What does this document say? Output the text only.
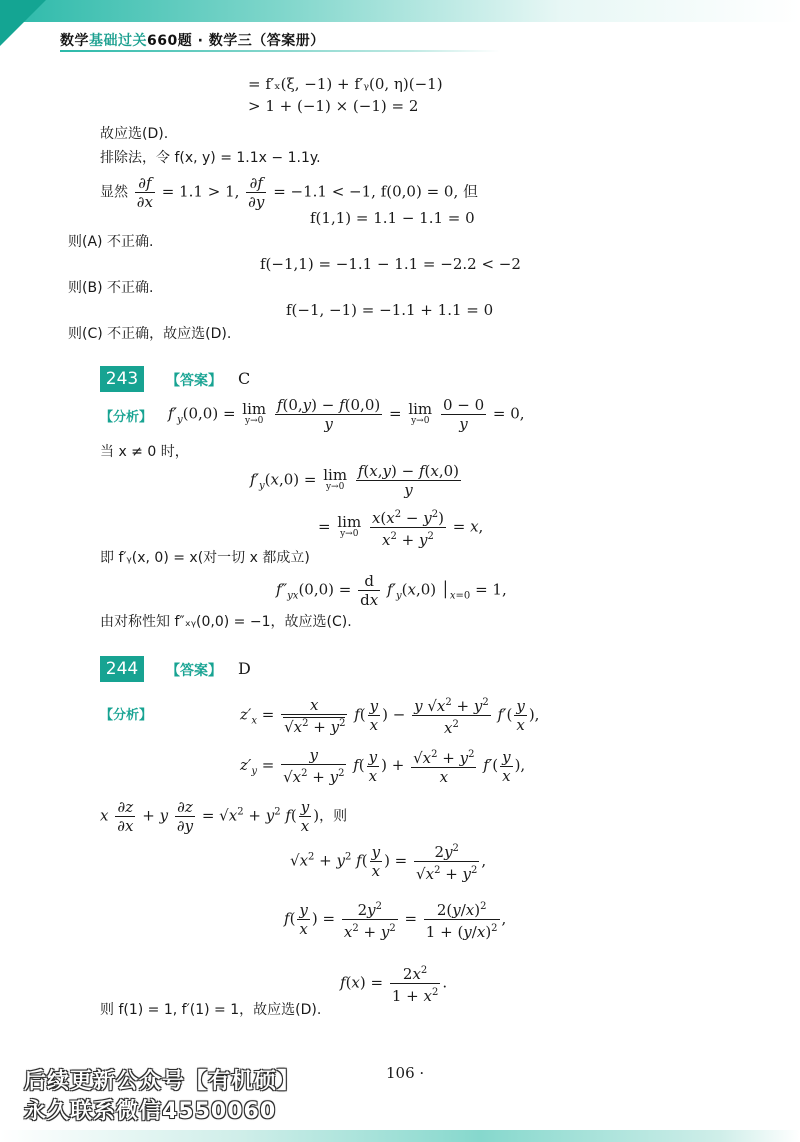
数学基础过关660题 · 数学三（答案册）
= f′ₓ(ξ, −1) + f′ᵧ(0, η)(−1)
> 1 + (−1) × (−1) = 2
故应选(D).
排除法，令 f(x, y) = 1.1x − 1.1y.
显然 $\frac{\partial f}{\partial x} = 1.1 > 1$, $\frac{\partial f}{\partial y} = -1.1 < -1$, f(0,0) = 0, 但
f(1,1) = 1.1 − 1.1 = 0
则(A) 不正确.
f(−1,1) = −1.1 − 1.1 = −2.2 < −2
则(B) 不正确.
f(−1, −1) = −1.1 + 1.1 = 0
则(C) 不正确，故应选(D).
243	【答案】 C
【分析】 $f'_y(0,0) = \lim$
y→0
$\frac{f(0,y) - f(0,0)}{y} = \lim$
y→0
$\frac{0 - 0}{y} = 0$,
当 x ≠ 0 时，
$f'_y(x,0) = \lim$
y→0
$\frac{f(x,y) - f(x,0)}{y}$
= lim
y→0
$\frac{x(x^2 - y^2)}{x^2 + y^2} = x$,
即 f′ᵧ(x, 0) = x(对一切 x 都成立)
$f''_{yx}(0,0) = \frac{d}{dx} f'_y(x,0)$ $│_{x=0} = 1$,
由对称性知 f″ₓᵧ(0,0) = −1，故应选(C).
244	【答案】 D
【分析】	$z'_x = \frac{x}{√x^2 + y^2} f( \frac{y}{x}$ ) − $\frac{y √x^2 + y^2}{x^2} f'( \frac{y}{x}$ ),
$z'_y = \frac{y}{√x^2 + y^2} f( \frac{y}{x}$ ) + $\frac{√x^2 + y^2}{x} f'( \frac{y}{x}$ ),
x $\frac{\partial z}{\partial x} + y \frac{\partial z}{\partial y} = √x^2 + y^2$ $f( \frac{y}{x}$ )，则
$√x^2 + y^2$ $f( \frac{y}{x}$ ) = $\frac{2y^2}{√x^2 + y^2}$ ,
$f( \frac{y}{x}$ ) = $\frac{2y^2}{x^2 + y^2} = \frac{2(y/x)^2}{1 + (y/x)^2}$ ,
$f(x) = \frac{2x^2}{1 + x^2}$ .
则 f(1) = 1, f′(1) = 1，故应选(D).
106 ·
后续更新公众号【有机硕】
永久联系微信4550060
